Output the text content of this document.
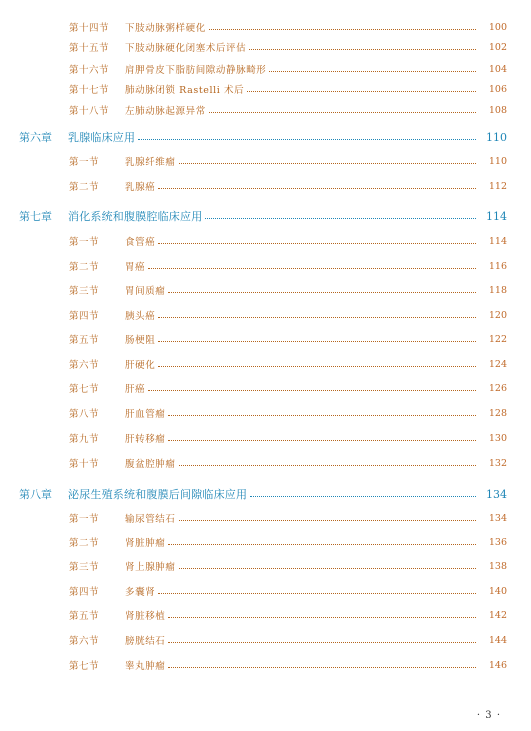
第十四节	下肢动脉粥样硬化	100
第十五节	下肢动脉硬化闭塞术后评估	102
第十六节	肩胛骨皮下脂肪间隙动静脉畸形	104
第十七节	肺动脉闭锁 Rastelli 术后	106
第十八节	左肺动脉起源异常	108
第六章	乳腺临床应用	110
第一节	乳腺纤维瘤	110
第二节	乳腺癌	112
第七章	消化系统和腹膜腔临床应用	114
第一节	食管癌	114
第二节	胃癌	116
第三节	胃间质瘤	118
第四节	胰头癌	120
第五节	肠梗阻	122
第六节	肝硬化	124
第七节	肝癌	126
第八节	肝血管瘤	128
第九节	肝转移瘤	130
第十节	腹盆腔肿瘤	132
第八章	泌尿生殖系统和腹膜后间隙临床应用	134
第一节	输尿管结石	134
第二节	肾脏肿瘤	136
第三节	肾上腺肿瘤	138
第四节	多囊肾	140
第五节	肾脏移植	142
第六节	膀胱结石	144
第七节	睾丸肿瘤	146
· 3 ·
